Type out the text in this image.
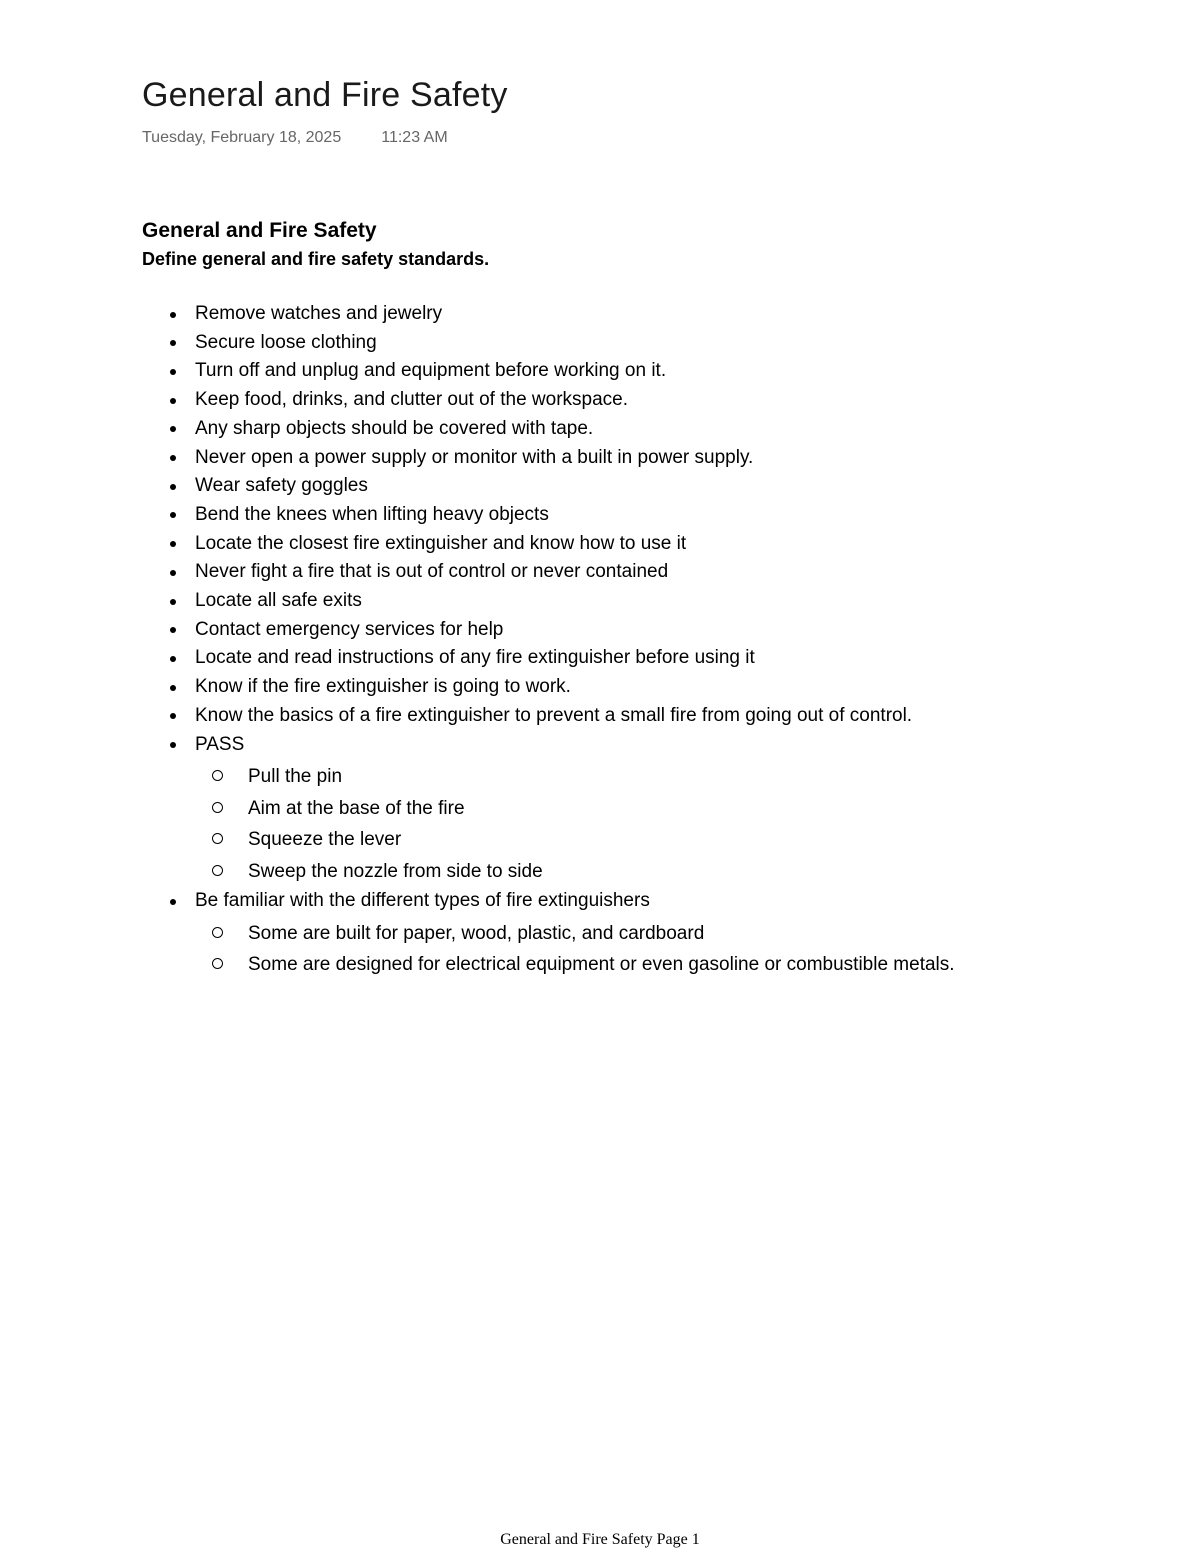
General and Fire Safety
Tuesday, February 18, 2025	11:23 AM
General and Fire Safety
Define general and fire safety standards.
Remove watches and jewelry
Secure loose clothing
Turn off and unplug and equipment before working on it.
Keep food, drinks, and clutter out of the workspace.
Any sharp objects should be covered with tape.
Never open a power supply or monitor with a built in power supply.
Wear safety goggles
Bend the knees when lifting heavy objects
Locate the closest fire extinguisher and know how to use it
Never fight a fire that is out of control or never contained
Locate all safe exits
Contact emergency services for help
Locate and read instructions of any fire extinguisher before using it
Know if the fire extinguisher is going to work.
Know the basics of a fire extinguisher to prevent a small fire from going out of control.
PASS
Pull the pin
Aim at the base of the fire
Squeeze the lever
Sweep the nozzle from side to side
Be familiar with the different types of fire extinguishers
Some are built for paper, wood, plastic, and cardboard
Some are designed for electrical equipment or even gasoline or combustible metals.
General and Fire Safety Page 1
